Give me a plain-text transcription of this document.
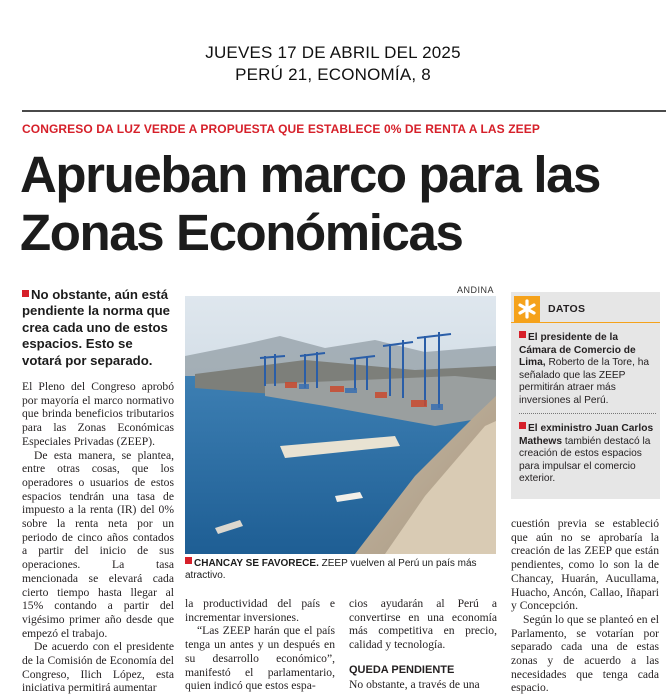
JUEVES 17 DE ABRIL DEL 2025
PERÚ 21, ECONOMÍA, 8
CONGRESO DA LUZ VERDE A PROPUESTA QUE ESTABLECE 0% DE RENTA A LAS ZEEP
Aprueban marco para las
Zonas Económicas
No obstante, aún está pendiente la norma que crea cada uno de estos espacios. Esto se votará por separado.

El Pleno del Congreso aprobó por mayoría el marco normativo que brinda beneficios tributarios para las Zonas Económicas Especiales Privadas (ZEEP).

De esta manera, se plantea, entre otras cosas, que los operadores o usuarios de estos espacios tendrán una tasa de impuesto a la renta (IR) del 0% sobre la renta neta por un periodo de cinco años contados a partir del inicio de sus operaciones. La tasa mencionada se elevará cada cierto tiempo hasta llegar al 15% contando a partir del vigésimo primer año desde que empezó el trabajo.

De acuerdo con el presidente de la Comisión de Economía del Congreso, Ilich López, esta iniciativa permitirá aumentar

ANDINA
CHANCAY SE FAVORECE. ZEEP vuelven al Perú un país más atractivo.

la productividad del país e incrementar inversiones.

“Las ZEEP harán que el país tenga un antes y un después en su desarrollo económico”, manifestó el parlamentario, quien indicó que estos espa-

cios ayudarán al Perú a convertirse en una economía más competitiva en precio, calidad y tecnología.

QUEDA PENDIENTE

No obstante, a través de una

DATOS
El presidente de la Cámara de Comercio de Lima, Roberto de la Tore, ha señalado que las ZEEP permitirán atraer más inversiones al Perú.
El exministro Juan Carlos Mathews también destacó la creación de estos espacios para impulsar el comercio exterior.

cuestión previa se estableció que aún no se aprobaría la creación de las ZEEP que están pendientes, como lo son la de Chancay, Huarán, Aucullama, Huacho, Ancón, Callao, Iñapari y Concepción.

Según lo que se planteó en el Parlamento, se votarían por separado cada una de estas zonas y de acuerdo a las necesidades que tenga cada espacio.
